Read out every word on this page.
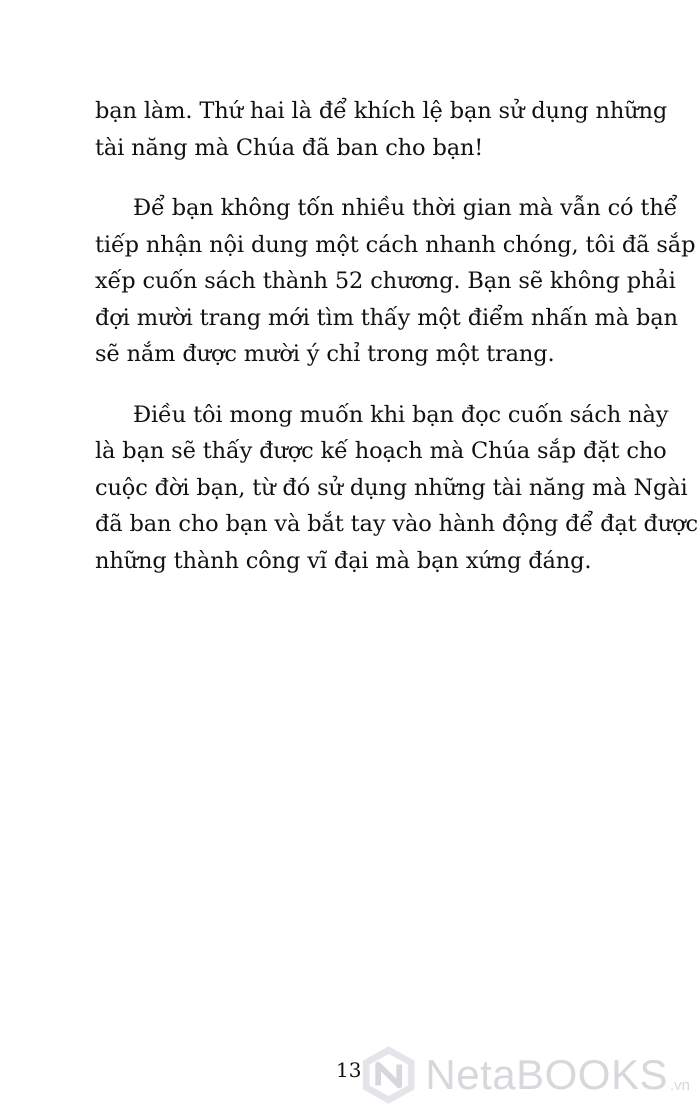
bạn làm. Thứ hai là để khích lệ bạn sử dụng những
tài năng mà Chúa đã ban cho bạn!
Để bạn không tốn nhiều thời gian mà vẫn có thể
tiếp nhận nội dung một cách nhanh chóng, tôi đã sắp
xếp cuốn sách thành 52 chương. Bạn sẽ không phải
đợi mười trang mới tìm thấy một điểm nhấn mà bạn
sẽ nắm được mười ý chỉ trong một trang.
Điều tôi mong muốn khi bạn đọc cuốn sách này
là bạn sẽ thấy được kế hoạch mà Chúa sắp đặt cho
cuộc đời bạn, từ đó sử dụng những tài năng mà Ngài
đã ban cho bạn và bắt tay vào hành động để đạt được
những thành công vĩ đại mà bạn xứng đáng.
13 NetaBOOKS .vn
